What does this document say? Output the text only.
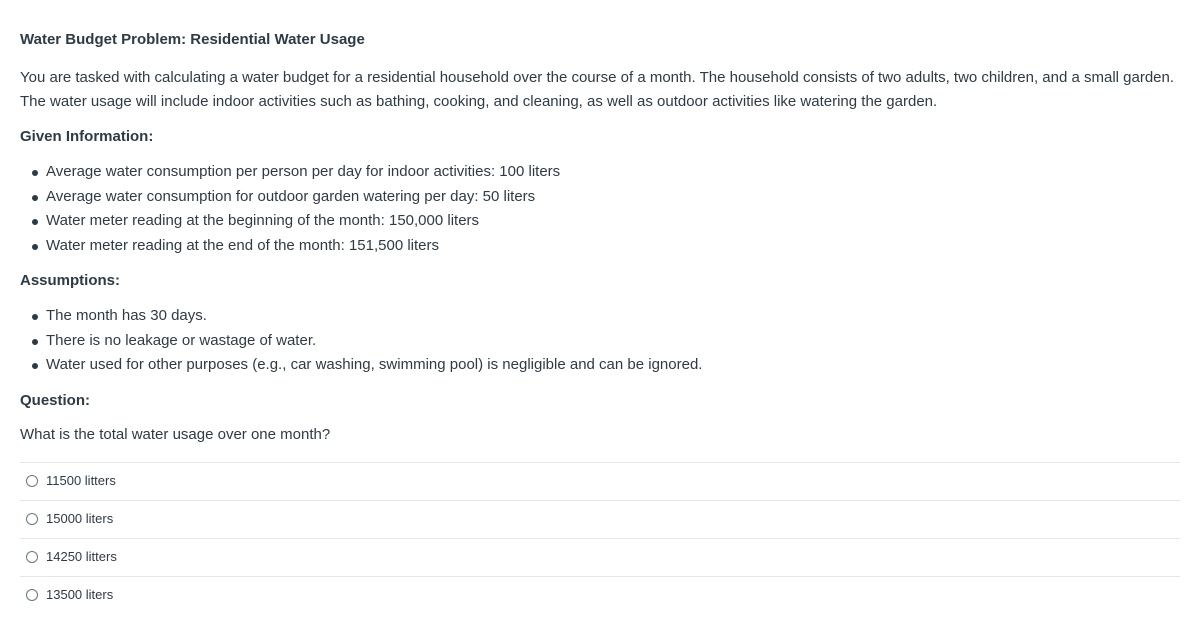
Water Budget Problem: Residential Water Usage
You are tasked with calculating a water budget for a residential household over the course of a month. The household consists of two adults, two children, and a small garden. The water usage will include indoor activities such as bathing, cooking, and cleaning, as well as outdoor activities like watering the garden.
Given Information:
Average water consumption per person per day for indoor activities: 100 liters
Average water consumption for outdoor garden watering per day: 50 liters
Water meter reading at the beginning of the month: 150,000 liters
Water meter reading at the end of the month: 151,500 liters
Assumptions:
The month has 30 days.
There is no leakage or wastage of water.
Water used for other purposes (e.g., car washing, swimming pool) is negligible and can be ignored.
Question:
What is the total water usage over one month?
11500 litters
15000 liters
14250 litters
13500 liters
